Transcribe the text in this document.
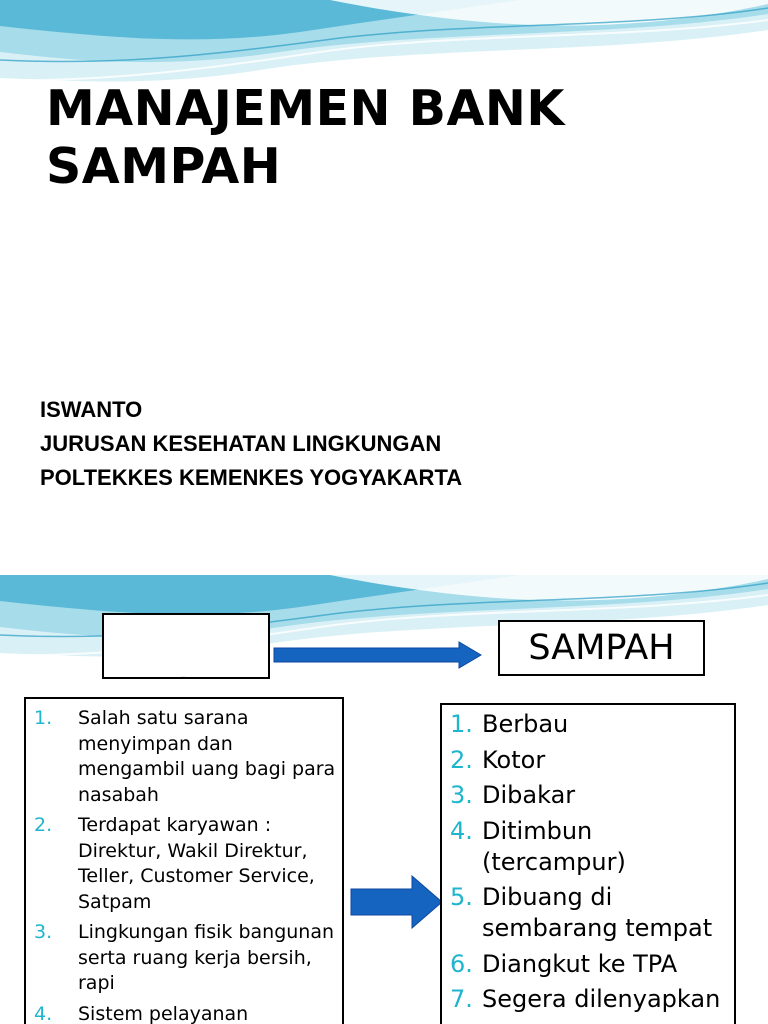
MANAJEMEN BANK
SAMPAH
ISWANTO
JURUSAN KESEHATAN LINGKUNGAN
POLTEKKES KEMENKES YOGYAKARTA
...
SAMPAH
1.	Salah satu sarana menyimpan dan mengambil uang bagi para nasabah
2.	Terdapat karyawan : Direktur, Wakil Direktur, Teller, Customer Service, Satpam
3.	Lingkungan fisik bangunan serta ruang kerja bersih, rapi
4.	Sistem pelayanan
1. Berbau
2. Kotor
3. Dibakar
4. Ditimbun (tercampur)
5. Dibuang di sembarang tempat
6. Diangkut ke TPA
7. Segera dilenyapkan
